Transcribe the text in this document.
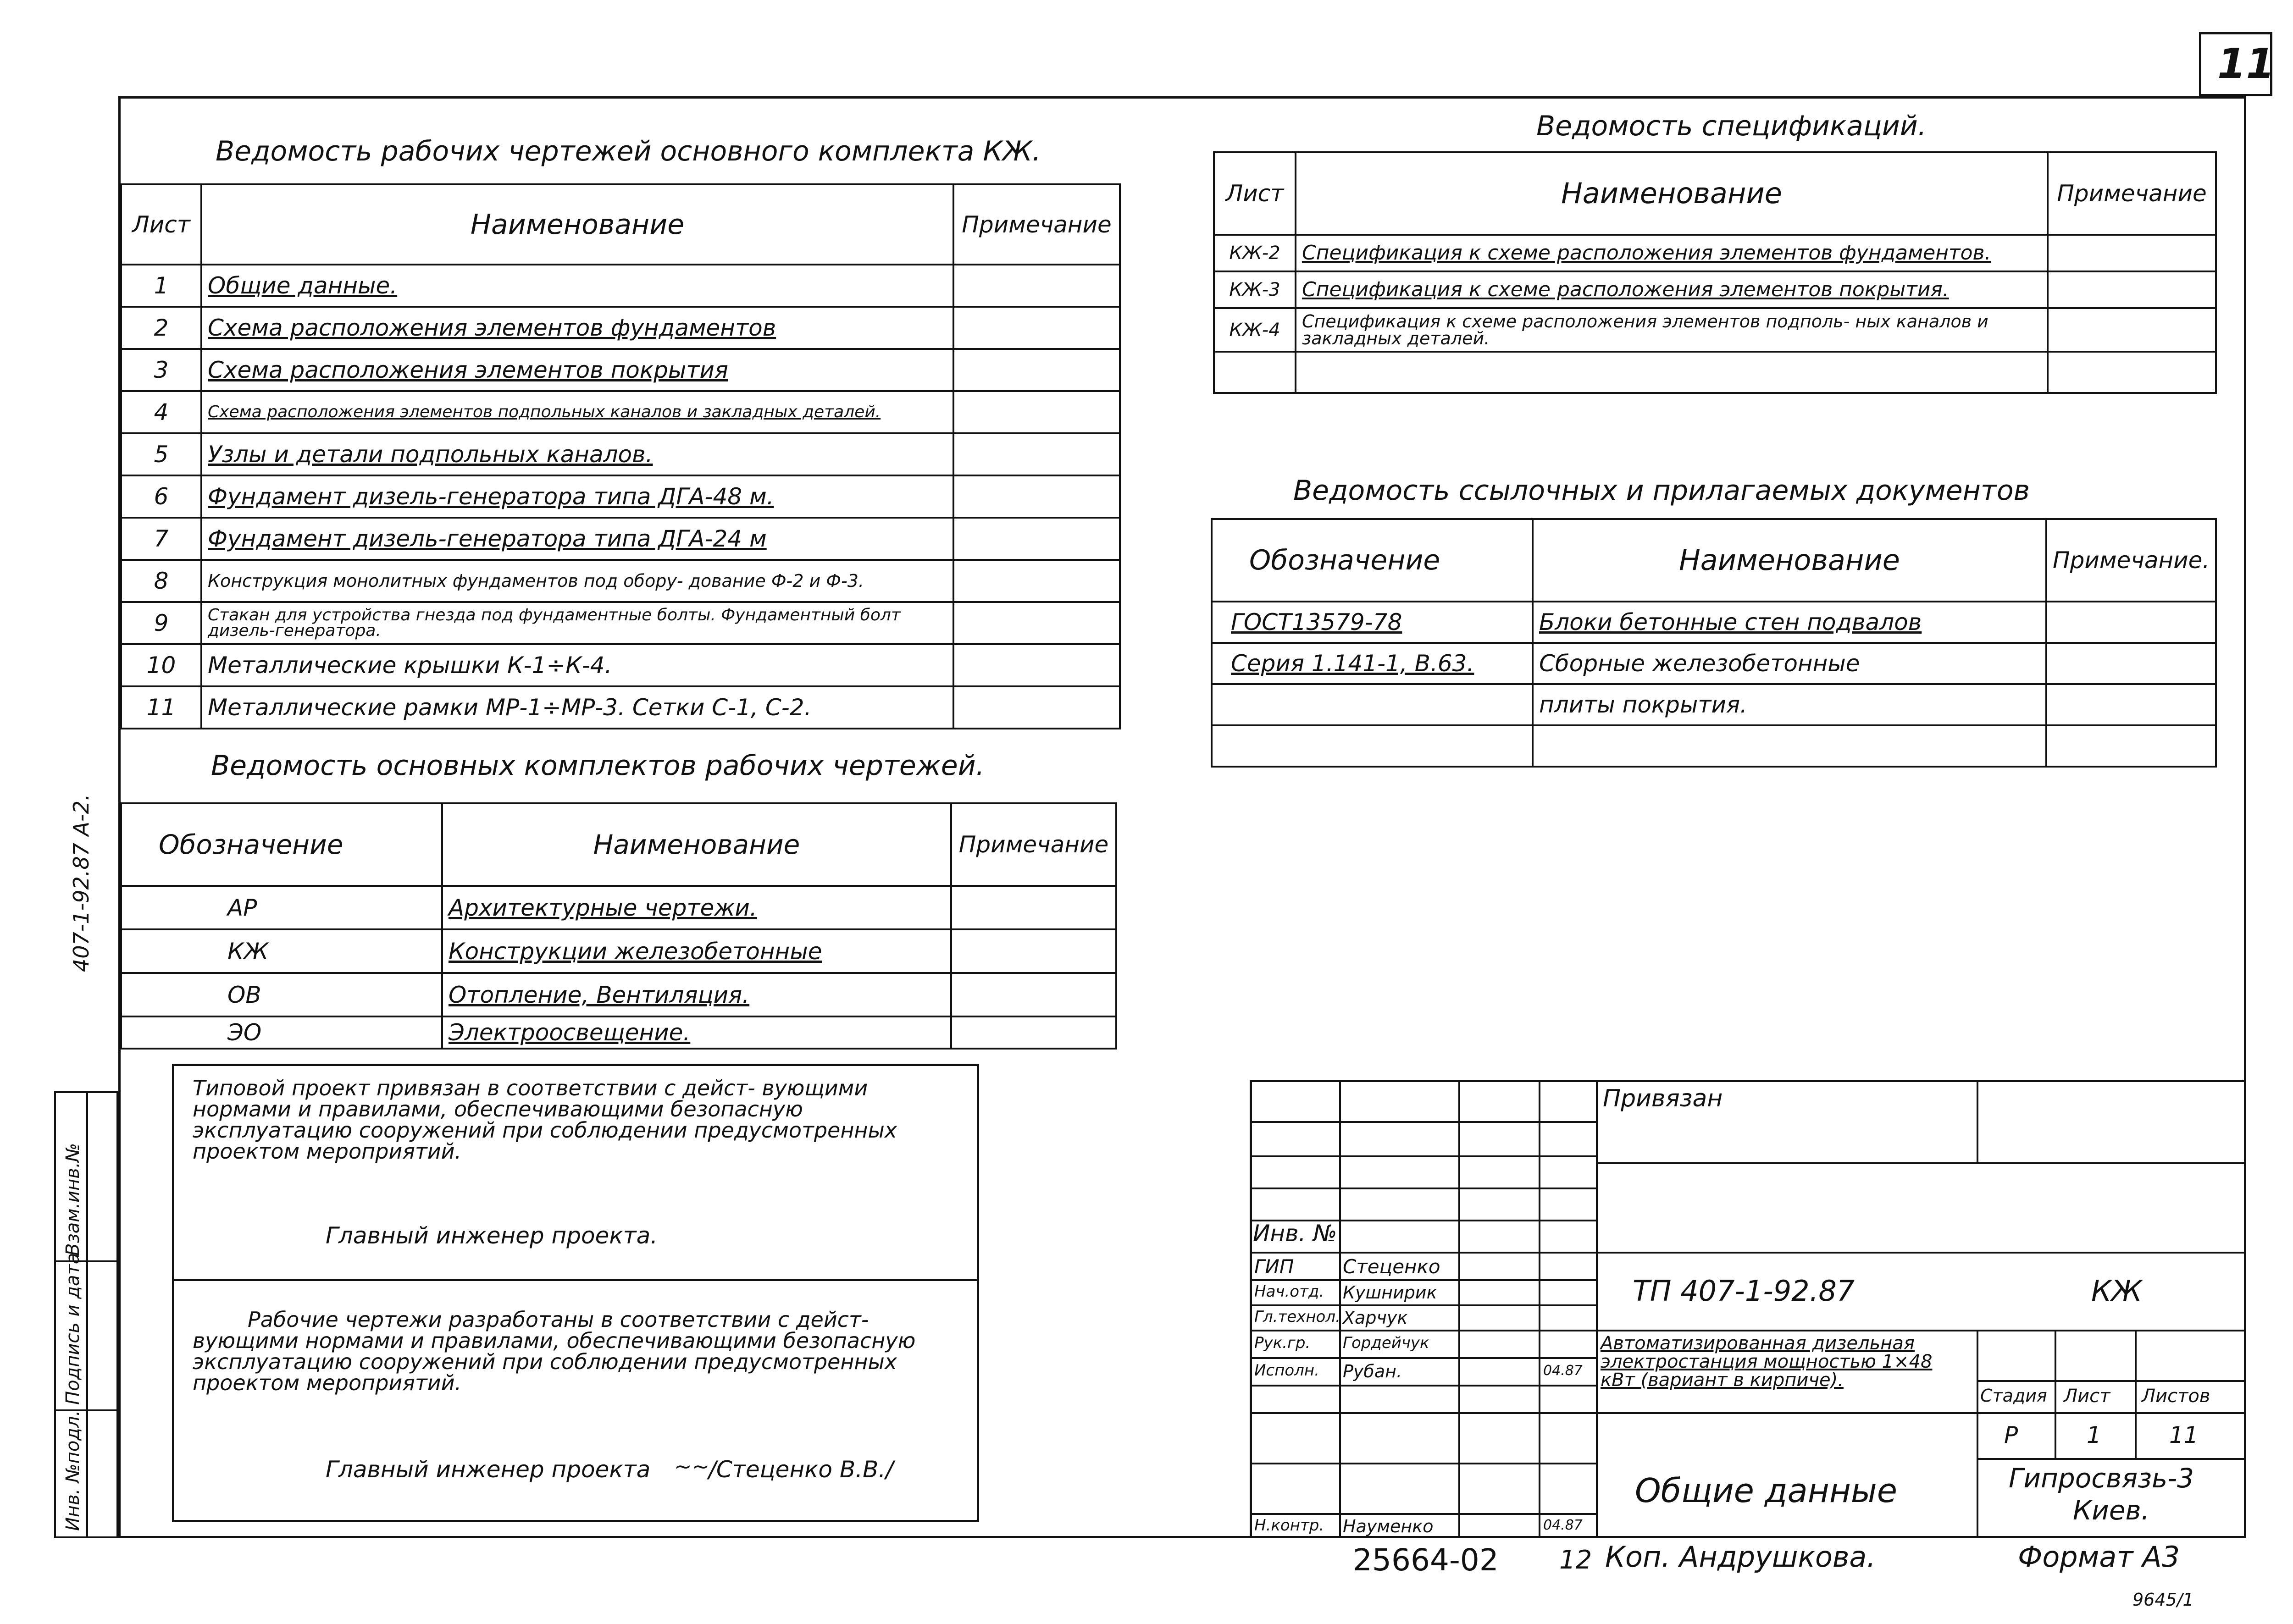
11
407-1-92.87 А-2.
Инв. №подл.
Подпись и дата
Взам.инв.№
Ведомость рабочих чертежей основного комплекта КЖ.
Лист	Наименование	Примечание
1	Общие данные.	
2	Схема расположения элементов фундаментов	
3	Схема расположения элементов покрытия	
4	Схема расположения элементов подпольных каналов и закладных деталей.	
5	Узлы и детали подпольных каналов.	
6	Фундамент дизель-генератора типа ДГА-48 м.	
7	Фундамент дизель-генератора типа ДГА-24 м	
8	Конструкция монолитных фундаментов под обору- дование Ф-2 и Ф-3.	
9	Стакан для устройства гнезда под фундаментные болты. Фундаментный болт дизель-генератора.	
10	Металлические крышки К-1÷К-4.	
11	Металлические рамки МР-1÷МР-3. Сетки С-1, С-2.	
Ведомость основных комплектов рабочих чертежей.
Обозначение	Наименование	Примечание
АР	Архитектурные чертежи.	
КЖ	Конструкции железобетонные	
ОВ	Отопление, Вентиляция.	
ЭО	Электроосвещение.	
Ведомость спецификаций.
Лист	Наименование	Примечание
КЖ-2	Спецификация к схеме расположения элементов фундаментов.	
КЖ-3	Спецификация к схеме расположения элементов покрытия.	
КЖ-4	Спецификация к схеме расположения элементов подполь- ных каналов и закладных деталей.	

Ведомость ссылочных и прилагаемых документов
Обозначение	Наименование	Примечание.
ГОСТ13579-78	Блоки бетонные стен подвалов	
Серия 1.141-1, В.63.	Сборные железобетонные	
	плиты покрытия.	

Типовой проект привязан в соответствии с дейст- вующими нормами и правилами, обеспечивающими безопасную эксплуатацию сооружений при соблюдении предусмотренных проектом мероприятий.
Главный инженер проекта.
Рабочие чертежи разработаны в соответствии с дейст- вующими нормами и правилами, обеспечивающими безопасную эксплуатацию сооружений при соблюдении предусмотренных проектом мероприятий.
Главный инженер проекта ~~
/Стеценко В.В./
Привязан
Инв. №
ГИП	Стеценко
Нач.отд. Кушнирик
Гл.технол. Харчук
Рук.гр. Гордейчук
Исполн. Рубан.	04.87
Н.контр. Науменко	04.87
ТП 407-1-92.87	КЖ
Автоматизированная дизельная электростанция мощностью 1×48 кВт (вариант в кирпиче).
Стадия Лист Листов
Р	1	11
Общие данные	Гипросвязь-3
Киев.
25664-02 12 Коп. Андрушкова.	Формат А3
9645/1
